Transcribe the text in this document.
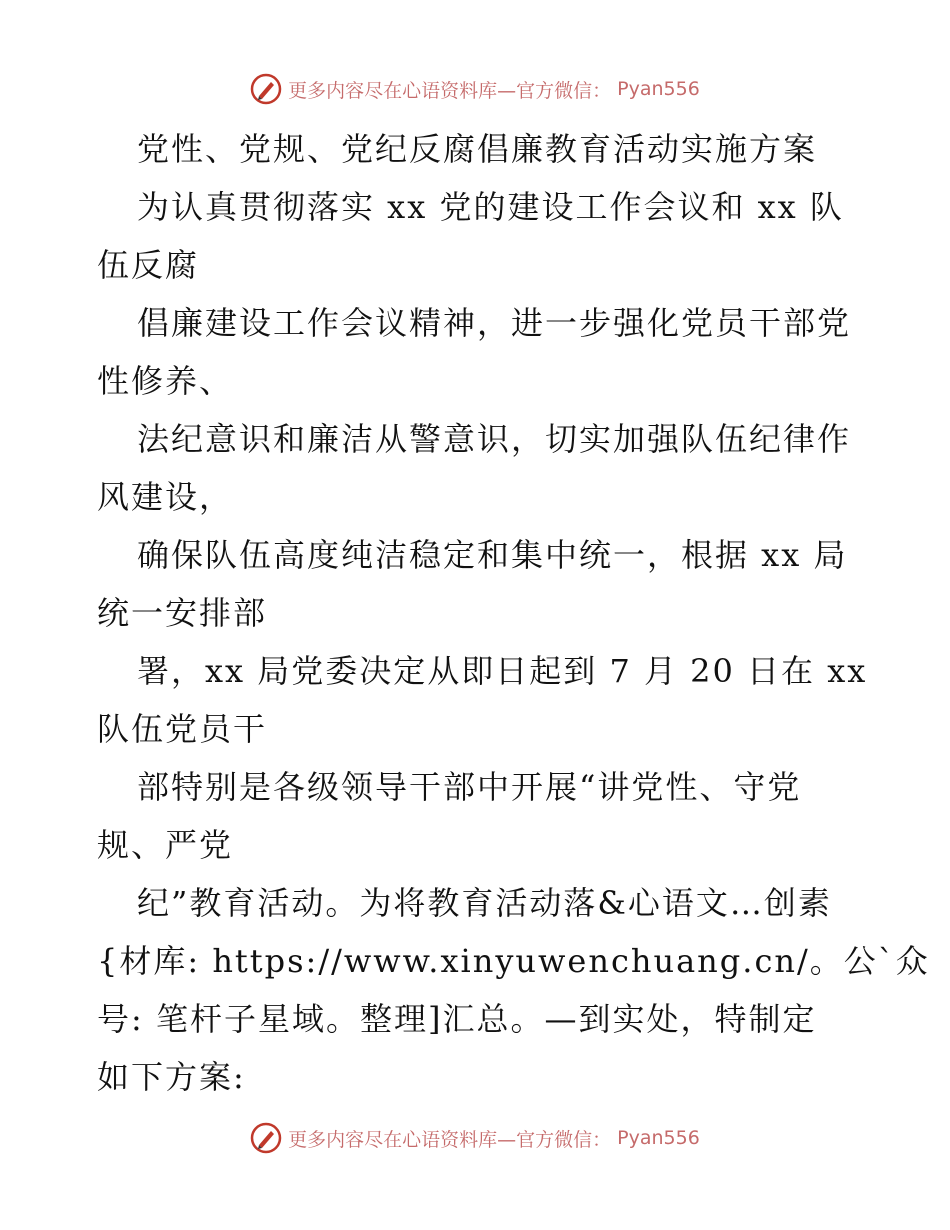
更多内容尽在心语资料库—官方微信： Pyan556
党性、党规、党纪反腐倡廉教育活动实施方案
为认真贯彻落实 xx 党的建设工作会议和 xx 队
伍反腐
倡廉建设工作会议精神，进一步强化党员干部党
性修养、
法纪意识和廉洁从警意识，切实加强队伍纪律作
风建设，
确保队伍高度纯洁稳定和集中统一，根据 xx 局
统一安排部
署，xx 局党委决定从即日起到 7 月 20 日在 xx
队伍党员干
部特别是各级领导干部中开展“讲党性、守党
规、严党
纪”教育活动。为将教育活动落&心语文…创素
{材库: https://www.xinyuwenchuang.cn/。公`众
号: 笔杆子星域。整理]汇总。—到实处，特制定
如下方案:
更多内容尽在心语资料库—官方微信： Pyan556
